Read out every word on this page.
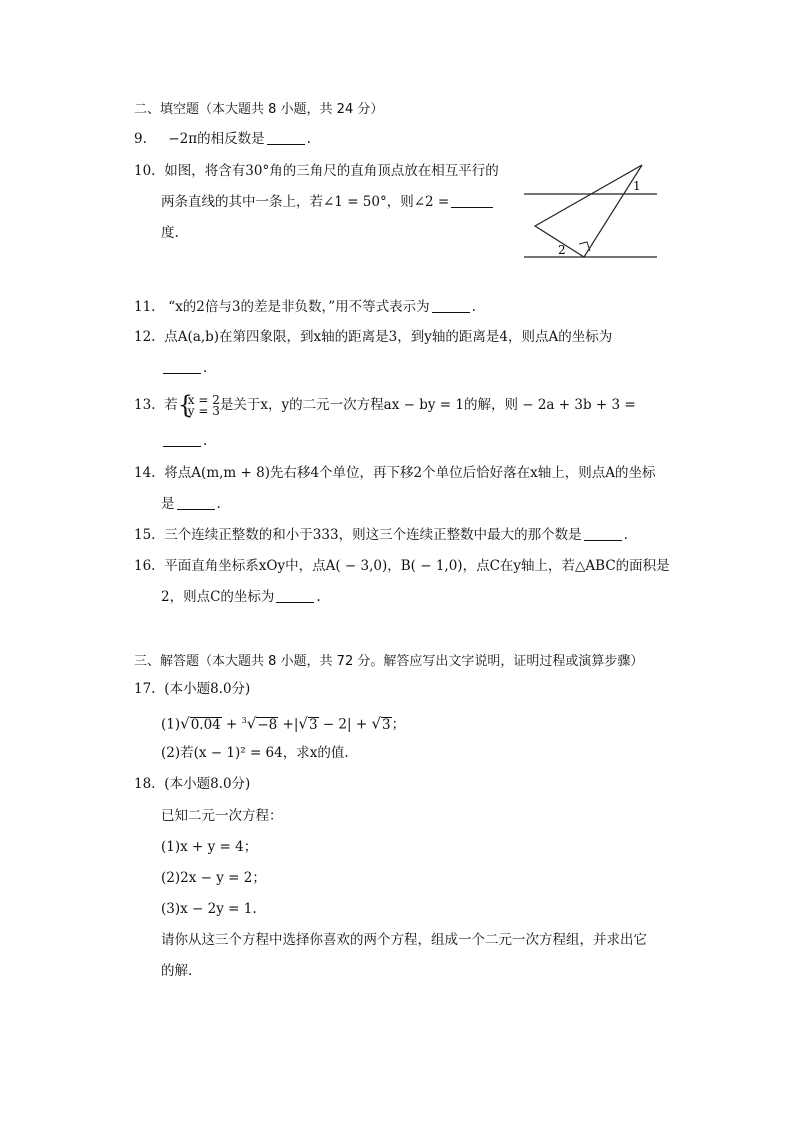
二、填空题（本大题共 8 小题，共 24 分）
9. −2π的相反数是	.
10. 如图，将含有30°角的三角尺的直角顶点放在相互平行的
两条直线的其中一条上，若∠1 = 50°，则∠2 =
度.
1
2
11. “x的2倍与3的差是非负数，”用不等式表示为	.
12. 点A(a,b)在第四象限，到x轴的距离是3，到y轴的距离是4，则点A的坐标为
.
13. 若 {
x = 2
y = 3是关于x，y的二元一次方程ax − by = 1的解，则 − 2a + 3b + 3 =
.
14. 将点A(m,m + 8)先右移4个单位，再下移2个单位后恰好落在x轴上，则点A的坐标
是	.
15. 三个连续正整数的和小于333，则这三个连续正整数中最大的那个数是	.
16. 平面直角坐标系xOy中，点A( − 3,0)，B( − 1,0)，点C在y轴上，若△ABC的面积是
2，则点C的坐标为	.
三、解答题（本大题共 8 小题，共 72 分。解答应写出文字说明，证明过程或演算步骤）
17. (本小题8.0分)
(1)√0.04 + $^3$√−8 +|√3 − 2| + √3；
(2)若(x − 1)² = 64，求x的值.
18. (本小题8.0分)
已知二元一次方程：
(1)x + y = 4；
(2)2x − y = 2；
(3)x − 2y = 1.
请你从这三个方程中选择你喜欢的两个方程，组成一个二元一次方程组，并求出它
的解.
